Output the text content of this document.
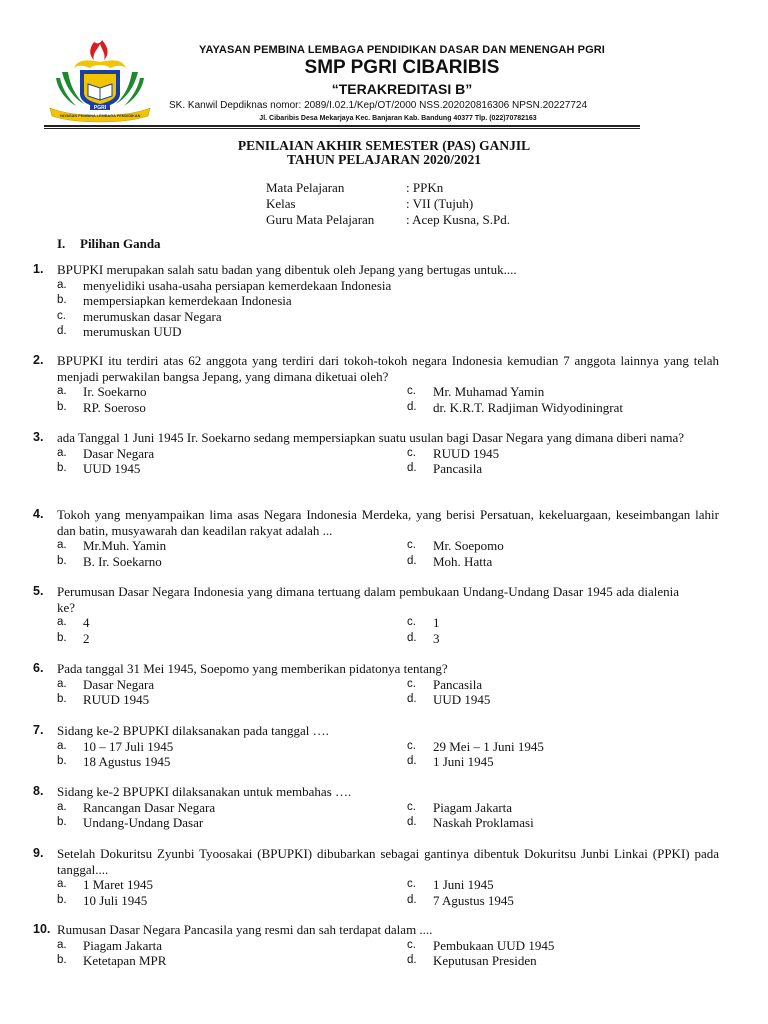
PGRI
YAYASAN PEMBINA LEMBAGA PENDIDIKAN
YAYASAN PEMBINA LEMBAGA PENDIDIKAN DASAR DAN MENENGAH PGRI
SMP PGRI CIBARIBIS
“TERAKREDITASI B”
SK. Kanwil Depdiknas nomor: 2089/I.02.1/Kep/OT/2000 NSS.202020816306 NPSN.20227724
Jl. Cibaribis Desa Mekarjaya Kec. Banjaran Kab. Bandung 40377 Tlp. (022)70782163
PENILAIAN AKHIR SEMESTER (PAS) GANJIL
TAHUN PELAJARAN 2020/2021
Mata Pelajaran	: PPKn
Kelas	: VII (Tujuh)
Guru Mata Pelajaran : Acep Kusna, S.Pd.
I. Pilihan Ganda
1. BPUPKI merupakan salah satu badan yang dibentuk oleh Jepang yang bertugas untuk....
a. menyelidiki usaha-usaha persiapan kemerdekaan Indonesia
b. mempersiapkan kemerdekaan Indonesia
c. merumuskan dasar Negara
d. merumuskan UUD
2. BPUPKI itu terdiri atas 62 anggota yang terdiri dari tokoh-tokoh negara Indonesia kemudian 7 anggota lainnya yang telah menjadi perwakilan bangsa Jepang, yang dimana diketuai oleh?
a. Ir. Soekarno	c. Mr. Muhamad Yamin
b. RP. Soeroso	d. dr. K.R.T. Radjiman Widyodiningrat
3. ada Tanggal 1 Juni 1945 Ir. Soekarno sedang mempersiapkan suatu usulan bagi Dasar Negara yang dimana diberi nama?
a. Dasar Negara	c. RUUD 1945
b. UUD 1945	d. Pancasila
4. Tokoh yang menyampaikan lima asas Negara Indonesia Merdeka, yang berisi Persatuan, kekeluargaan, keseimbangan lahir dan batin, musyawarah dan keadilan rakyat adalah ...
a. Mr.Muh. Yamin	c. Mr. Soepomo
b. B. Ir. Soekarno	d. Moh. Hatta
5. Perumusan Dasar Negara Indonesia yang dimana tertuang dalam pembukaan Undang-Undang Dasar 1945 ada dialenia ke?
a. 4	c. 1
b. 2	d. 3
6. Pada tanggal 31 Mei 1945, Soepomo yang memberikan pidatonya tentang?
a. Dasar Negara	c. Pancasila
b. RUUD 1945	d. UUD 1945
7. Sidang ke-2 BPUPKI dilaksanakan pada tanggal ….
a. 10 – 17 Juli 1945	c. 29 Mei – 1 Juni 1945
b. 18 Agustus 1945	d. 1 Juni 1945
8. Sidang ke-2 BPUPKI dilaksanakan untuk membahas ….
a. Rancangan Dasar Negara	c. Piagam Jakarta
b. Undang-Undang Dasar	d. Naskah Proklamasi
9. Setelah Dokuritsu Zyunbi Tyoosakai (BPUPKI) dibubarkan sebagai gantinya dibentuk Dokuritsu Junbi Linkai (PPKI) pada tanggal....
a. 1 Maret 1945	c. 1 Juni 1945
b. 10 Juli 1945	d. 7 Agustus 1945
10. Rumusan Dasar Negara Pancasila yang resmi dan sah terdapat dalam ....
a. Piagam Jakarta	c. Pembukaan UUD 1945
b. Ketetapan MPR	d. Keputusan Presiden
